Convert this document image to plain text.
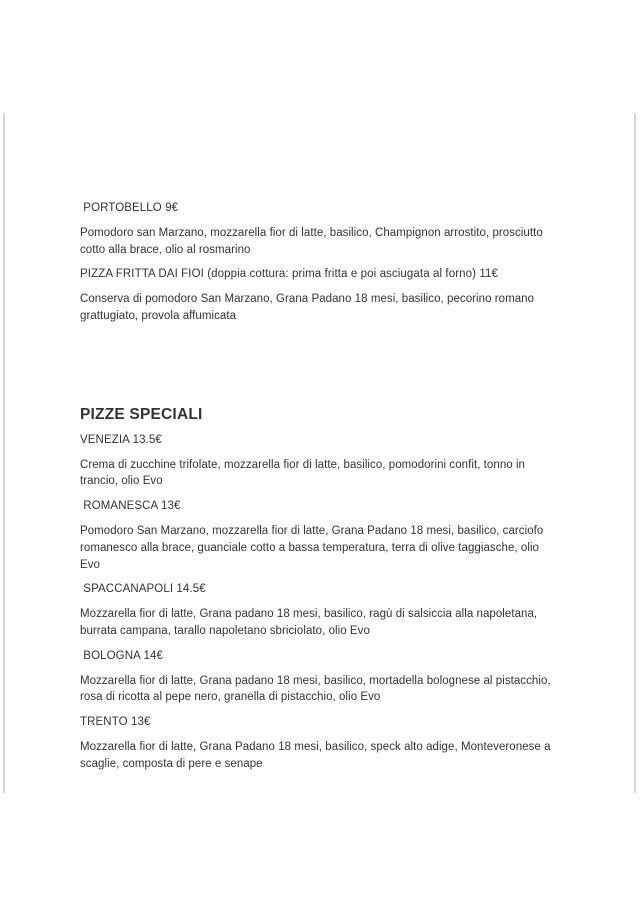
PORTOBELLO 9€

Pomodoro san Marzano, mozzarella fior di latte, basilico, Champignon arrostito, prosciutto cotto alla brace, olio al rosmarino

PIZZA FRITTA DAI FIOI (doppia cottura: prima fritta e poi asciugata al forno) 11€

Conserva di pomodoro San Marzano, Grana Padano 18 mesi, basilico, pecorino romano grattugiato, provola affumicata

PIZZE SPECIALI

VENEZIA 13.5€

Crema di zucchine trifolate, mozzarella fior di latte, basilico, pomodorini confit, tonno in trancio, olio Evo

ROMANESCA 13€

Pomodoro San Marzano, mozzarella fior di latte, Grana Padano 18 mesi, basilico, carciofo romanesco alla brace, guanciale cotto a bassa temperatura, terra di olive taggiasche, olio Evo

SPACCANAPOLI 14.5€

Mozzarella fior di latte, Grana padano 18 mesi, basilico, ragù di salsiccia alla napoletana, burrata campana, tarallo napoletano sbriciolato, olio Evo

BOLOGNA 14€

Mozzarella fior di latte, Grana padano 18 mesi, basilico, mortadella bolognese al pistacchio, rosa di ricotta al pepe nero, granella di pistacchio, olio Evo

TRENTO 13€

Mozzarella fior di latte, Grana Padano 18 mesi, basilico, speck alto adige, Monteveronese a scaglie, composta di pere e senape
